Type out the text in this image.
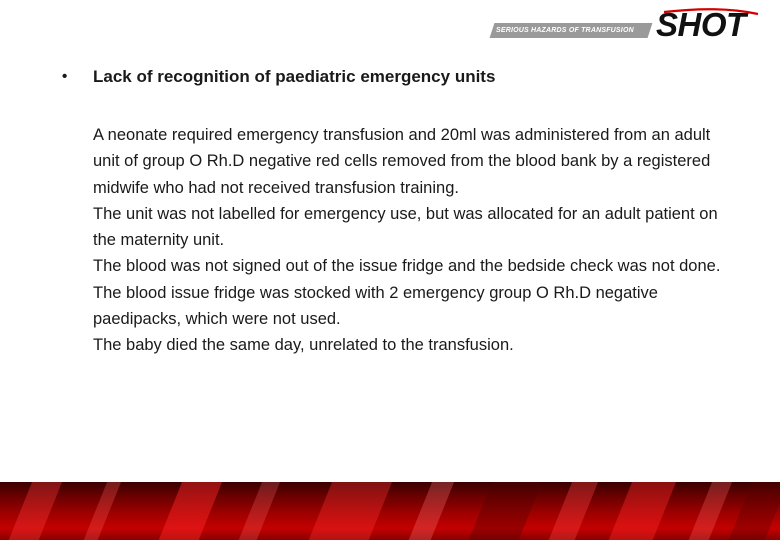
SERIOUS HAZARDS OF TRANSFUSION SHOT
•	Lack of recognition of paediatric emergency units

A neonate required emergency transfusion and 20ml was administered from an adult unit of group O Rh.D negative red cells removed from the blood bank by a registered midwife who had not received transfusion training.

The unit was not labelled for emergency use, but was allocated for an adult patient on the maternity unit.

The blood was not signed out of the issue fridge and the bedside check was not done.

The blood issue fridge was stocked with 2 emergency group O Rh.D negative paedipacks, which were not used.

The baby died the same day, unrelated to the transfusion.
